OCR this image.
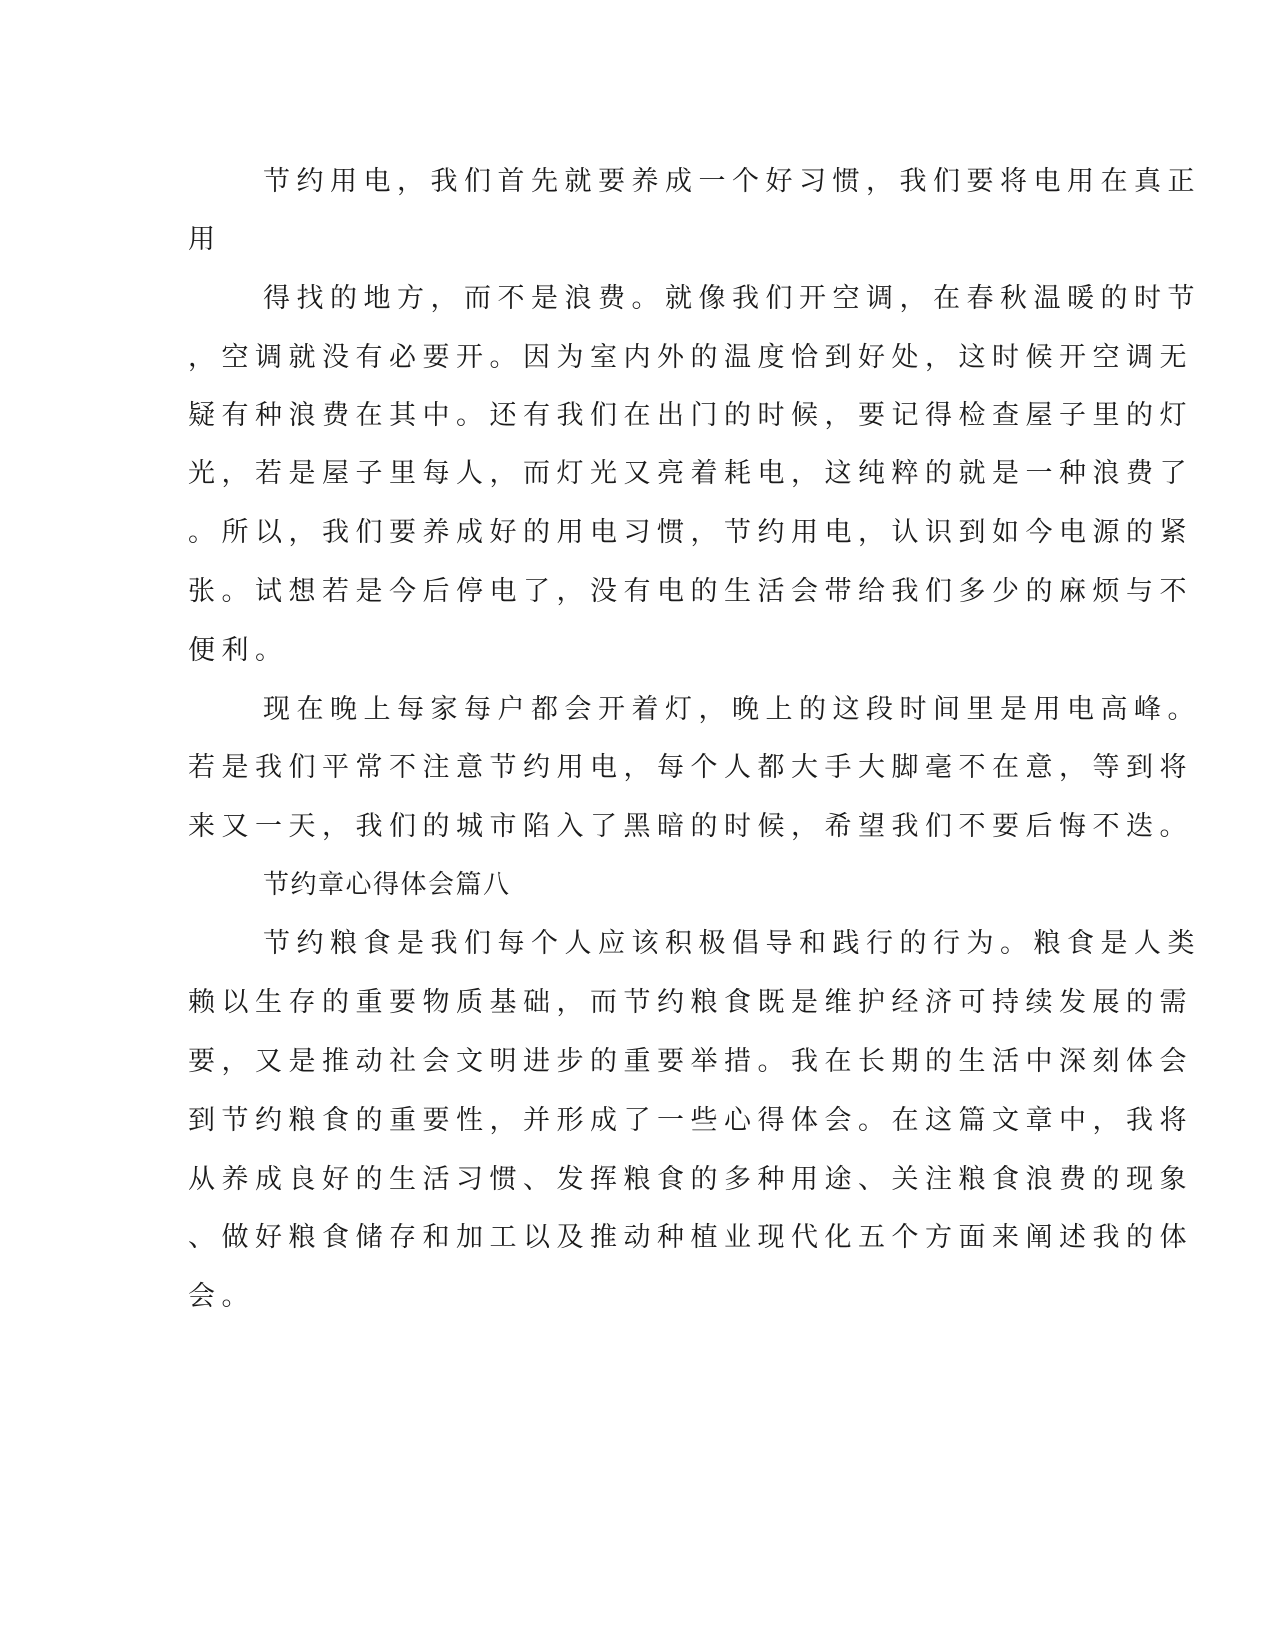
节约用电，我们首先就要养成一个好习惯，我们要将电用在真正
用
得找的地方，而不是浪费。就像我们开空调，在春秋温暖的时节
，空调就没有必要开。因为室内外的温度恰到好处，这时候开空调无
疑有种浪费在其中。还有我们在出门的时候，要记得检查屋子里的灯
光，若是屋子里每人，而灯光又亮着耗电，这纯粹的就是一种浪费了
。所以，我们要养成好的用电习惯，节约用电，认识到如今电源的紧
张。试想若是今后停电了，没有电的生活会带给我们多少的麻烦与不
便利。
现在晚上每家每户都会开着灯，晚上的这段时间里是用电高峰。
若是我们平常不注意节约用电，每个人都大手大脚毫不在意，等到将
来又一天，我们的城市陷入了黑暗的时候，希望我们不要后悔不迭。
节约章心得体会篇八
节约粮食是我们每个人应该积极倡导和践行的行为。粮食是人类
赖以生存的重要物质基础，而节约粮食既是维护经济可持续发展的需
要，又是推动社会文明进步的重要举措。我在长期的生活中深刻体会
到节约粮食的重要性，并形成了一些心得体会。在这篇文章中，我将
从养成良好的生活习惯、发挥粮食的多种用途、关注粮食浪费的现象
、做好粮食储存和加工以及推动种植业现代化五个方面来阐述我的体
会。
